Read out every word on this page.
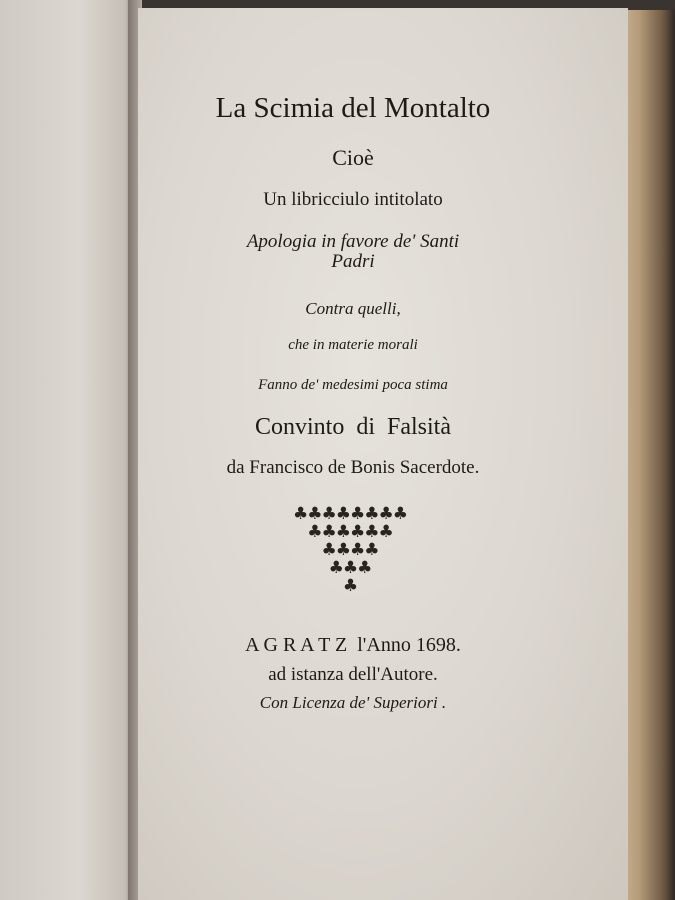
La Scimia del Montalto
Cioè
Un libricciulo intitolato
Apologia in favore de' Santi
Padri
Contra quelli,
che in materie morali
Fanno de' medesimi poca stima
Convinto  di  Falsità
da Francisco de Bonis Sacerdote.
♣♣♣♣♣♣♣♣
♣♣♣♣♣♣
♣♣♣♣
♣♣♣
♣
A G R A T Z  l'Anno 1698.
ad istanza dell'Autore.
Con Licenza de' Superiori .
